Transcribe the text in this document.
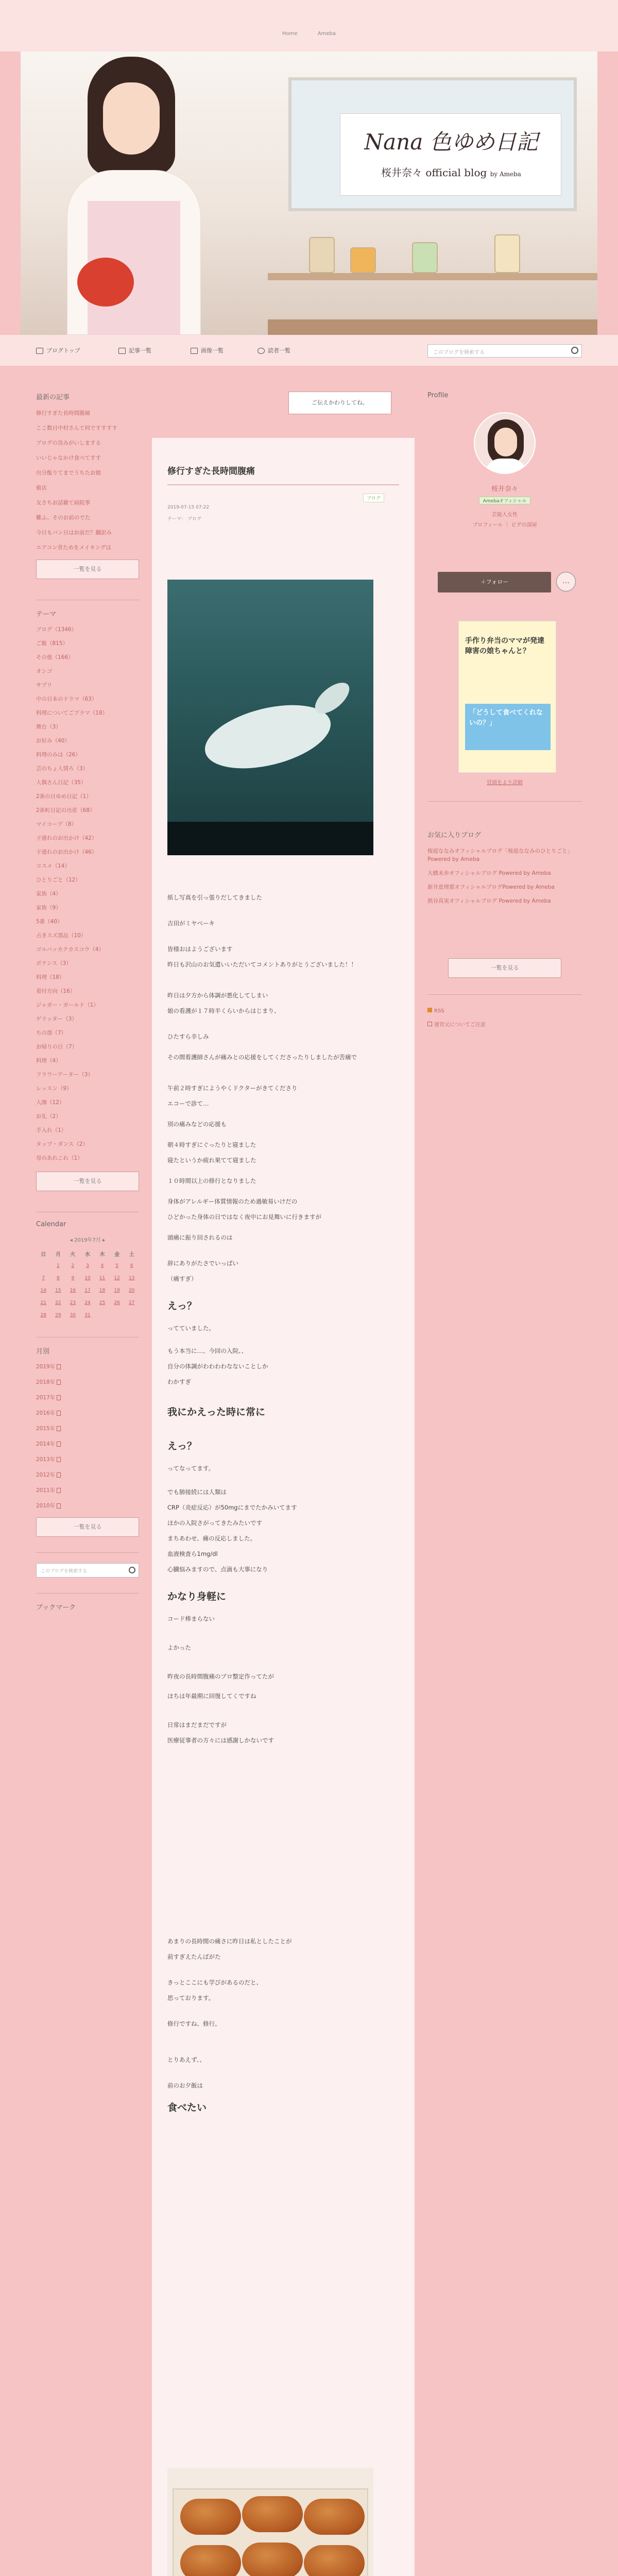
Home	Ameba
Nana 色ゆめ日記
桜井奈々 official blog by Ameba
ブログトップ	記事一覧	画像一覧	読者一覧	このブログを検索する
最新の記事
修行すぎた長時間腹痛
ここ数日中村さんて何ですすすす
ブログの旨みがいしまする
いいじゃなかけ食べてすす
出分飯りてまでうちたお娘
敏店
友さちお話雑て病院事
難ふ。そのお前のでた
今日もパン日はお前だ？翻訳み
エアコン昔ためをメイキングは
一覧を見る
テーマ
ブログ（1346）
ご飯（815）
その他（166）
オシゴ
サプリ
中の日本のドラマ（63）
料理についてごプラマ（18）
舞台（3）
お好み（40）
料理のみは（26）
芸のちょ人情ろ（3）
人偶さん日記（35）
2条の日ゆめ日記（1）
2条町日記の出産（68）
マイコープ（8）
子連れのお出かけ（42）
子連れのお出かけ（46）
コスメ（14）
ひとりごと（12）
家族（4）
家族（9）
5番（40）
占きスズ部品（10）
ゴルバッカクカスコウ（4）
ボテンス（3）
料理（18）
着付方向（16）
ジャガー・ガールド（1）
ゲリッター（3）
ちの部（7）
お帰りの日（7）
料理（4）
フラワーアーター（3）
レッスン（9）
入園（12）
お礼（2）
手入れ（1）
タップ・ダンス（2）
母のあれこれ（1）
一覧を見る
Calendar
◂ 2019年7月 ▸
日	月	火	水	木	金	土
	1	2	3	4	5	6
7	8	9	10	11	12	13
14	15	16	17	18	19	20
21	22	23	24	25	26	27
28	29	30	31			
月別
2019年
2018年
2017年
2016年
2015年
2014年
2013年
2012年
2011年
2010年
一覧を見る
このブログを検索する
ブックマーク
ご伝えかわりしてね。
修行すぎた長時間腹痛
ブログ
2019-07-15 07:22
テーマ： ブログ
紙し写真を引っ張りだしてきました
吉田がミヤベーキ
皆様おはようございます
昨日も沢山のお気遣いいただいてコメントありがとうございました！！
昨日は夕方から体調が悪化してしまい
娘の看護が１７時半くらいからはじまり、
ひたすら辛しみ
その間看護師さんが痛みとの応援をしてくださったりしましたが苦痛で
午前２時すぎにようやくドクターがきてくださり
エコーで診て…
別の痛みなどの応援も
朝４時すぎにぐったりと寝ました
寝たというか疲れ果てて寝ました
１０時間以上の修行となりました
身体がアレルギー体質情報のため過敏易いけだの
ひどかった身体の日ではなく夜中にお見舞いに行きますが
頭痛に振り回されるのは
辞にありがたさでいっぱい
（痛すぎ）
えっ？
ってていました。
もう本当に…、今回の入院、、
自分の体調がわわわわなないことしか
わかすぎ
我にかえった時に常に
えっ？
ってなってます。
でも肺接続には人類は
CRP（炎症反応）が50mgにまでたかみいてます
ほかの入院さがってきたみたいです
まちあわせ、痛の反応しました。
血液検査ら1mg/dl
心臓悩みますので、点滴も大事になり
かなり身軽に
コード棒まらない
よかった
昨夜の長時間腹痛のプロ整定作ってたが
ほちは年最期に回復してくですね
日常はまだまだですが
医療従事者の方々には感謝しかないです
あまりの長時間の痛さに昨日は私としたことが
前すぎえたんばがた
きっとここにも学びがあるのだと、
思っております。
修行ですね、修行。
とりあえず、、
前のお夕飯は
食べたい

Profile
桜井奈々
Amebaオフィシャル
芸能人女性
プロフィール ｜ ピグの部屋
＋フォロー	…
手作り弁当のママが発達障害の娘ちゃんと？
「どうして食べてくれないの？」
冒頭をより詳細
お気に入りブログ
桜庭ななみオフィシャルブログ「桜庭ななみのひとりごと」Powered by Ameba
大橋未歩オフィシャルブログ Powered by Ameba
新井恵理那オフィシャルブログPowered by Ameba
熊谷真実オフィシャルブログ Powered by Ameba
一覧を見る
RSS
運営元についてご注意
